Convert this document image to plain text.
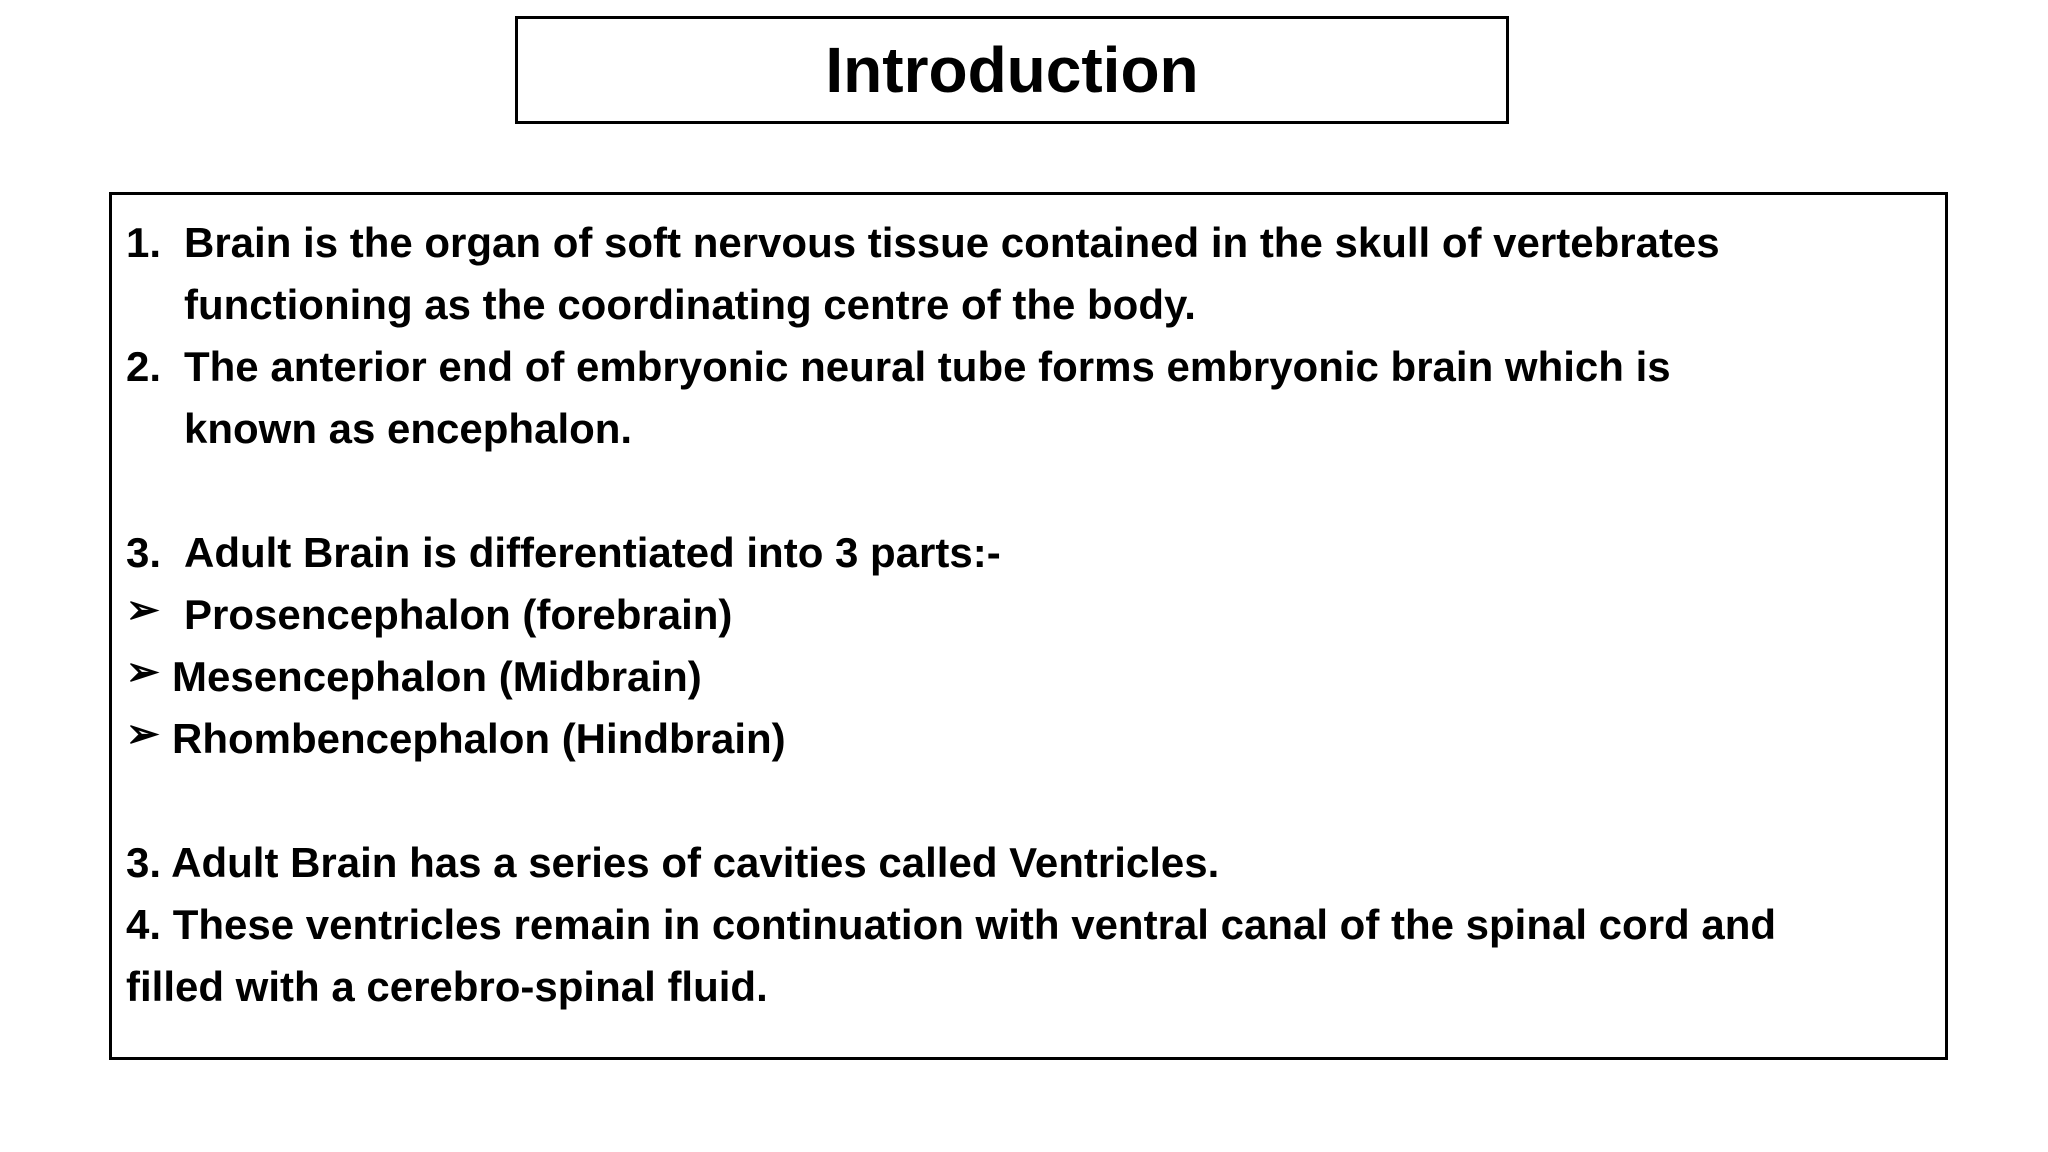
Introduction
1. Brain is the organ of soft nervous tissue contained in the skull of vertebrates
functioning as the coordinating centre of the body.
2. The anterior end of embryonic neural tube forms embryonic brain which is
known as encephalon.
3. Adult Brain is differentiated into 3 parts:-
➢ Prosencephalon (forebrain)
➢ Mesencephalon (Midbrain)
➢ Rhombencephalon (Hindbrain)
3. Adult Brain has a series of cavities called Ventricles.
4. These ventricles remain in continuation with ventral canal of the spinal cord and
filled with a cerebro-spinal fluid.
